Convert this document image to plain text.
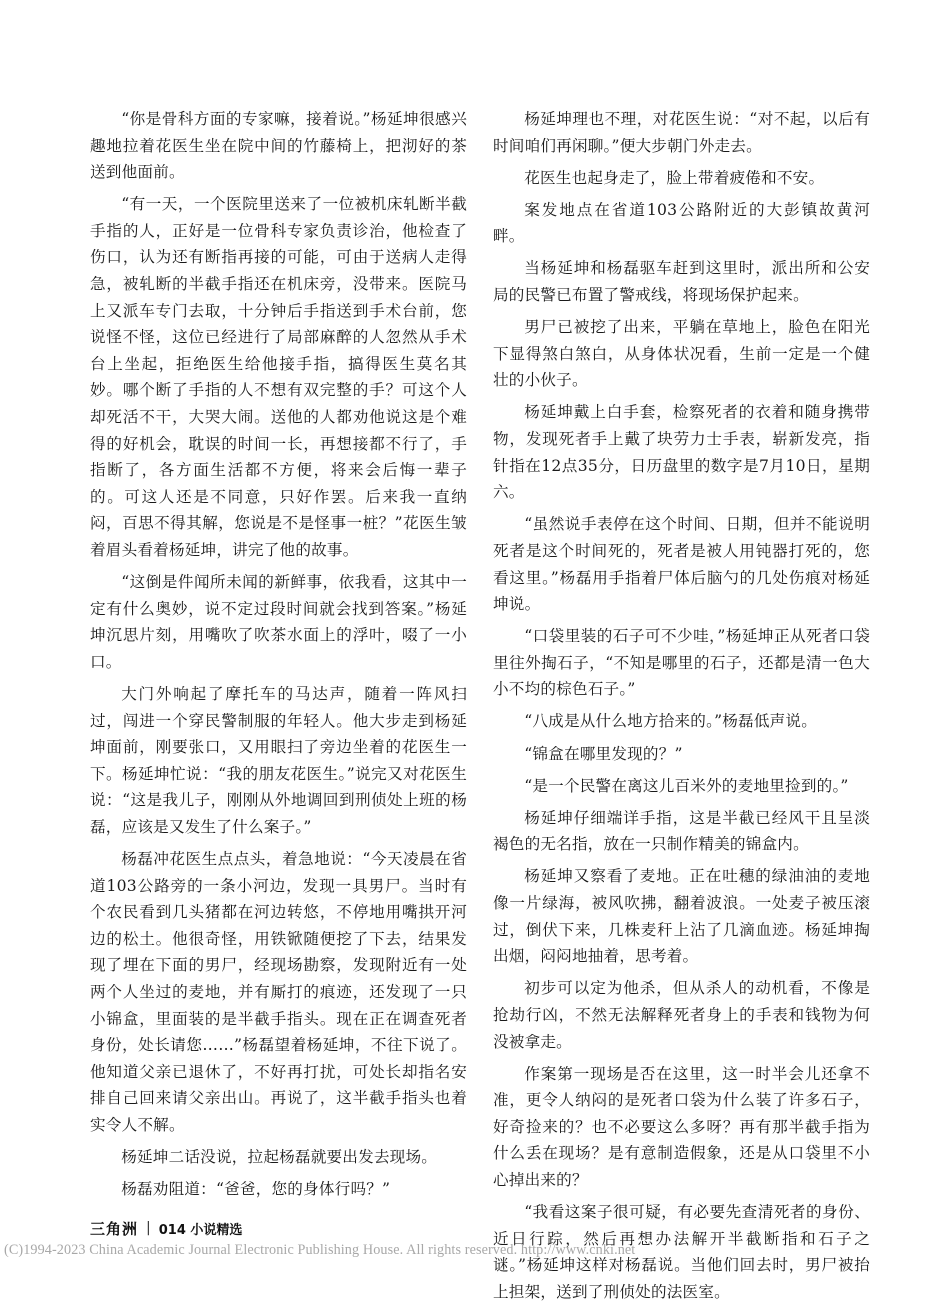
“你是骨科方面的专家嘛，接着说。”杨延坤很感兴趣地拉着花医生坐在院中间的竹藤椅上，把沏好的茶送到他面前。

“有一天，一个医院里送来了一位被机床轧断半截手指的人，正好是一位骨科专家负责诊治，他检查了伤口，认为还有断指再接的可能，可由于送病人走得急，被轧断的半截手指还在机床旁，没带来。医院马上又派车专门去取，十分钟后手指送到手术台前，您说怪不怪，这位已经进行了局部麻醉的人忽然从手术台上坐起，拒绝医生给他接手指，搞得医生莫名其妙。哪个断了手指的人不想有双完整的手？可这个人却死活不干，大哭大闹。送他的人都劝他说这是个难得的好机会，耽误的时间一长，再想接都不行了，手指断了，各方面生活都不方便，将来会后悔一辈子的。可这人还是不同意，只好作罢。后来我一直纳闷，百思不得其解，您说是不是怪事一桩？”花医生皱着眉头看着杨延坤，讲完了他的故事。

“这倒是件闻所未闻的新鲜事，依我看，这其中一定有什么奥妙，说不定过段时间就会找到答案。”杨延坤沉思片刻，用嘴吹了吹茶水面上的浮叶，啜了一小口。

大门外响起了摩托车的马达声，随着一阵风扫过，闯进一个穿民警制服的年轻人。他大步走到杨延坤面前，刚要张口，又用眼扫了旁边坐着的花医生一下。杨延坤忙说：“我的朋友花医生。”说完又对花医生说：“这是我儿子，刚刚从外地调回到刑侦处上班的杨磊，应该是又发生了什么案子。”

杨磊冲花医生点点头，着急地说：“今天凌晨在省道103公路旁的一条小河边，发现一具男尸。当时有个农民看到几头猪都在河边转悠，不停地用嘴拱开河边的松土。他很奇怪，用铁锨随便挖了下去，结果发现了埋在下面的男尸，经现场勘察，发现附近有一处两个人坐过的麦地，并有厮打的痕迹，还发现了一只小锦盒，里面装的是半截手指头。现在正在调查死者身份，处长请您……”杨磊望着杨延坤，不往下说了。他知道父亲已退休了，不好再打扰，可处长却指名安排自己回来请父亲出山。再说了，这半截手指头也着实令人不解。

杨延坤二话没说，拉起杨磊就要出发去现场。

杨磊劝阻道：“爸爸，您的身体行吗？”

杨延坤理也不理，对花医生说：“对不起，以后有时间咱们再闲聊。”便大步朝门外走去。

花医生也起身走了，脸上带着疲倦和不安。

案发地点在省道103公路附近的大彭镇故黄河畔。

当杨延坤和杨磊驱车赶到这里时，派出所和公安局的民警已布置了警戒线，将现场保护起来。

男尸已被挖了出来，平躺在草地上，脸色在阳光下显得煞白煞白，从身体状况看，生前一定是一个健壮的小伙子。

杨延坤戴上白手套，检察死者的衣着和随身携带物，发现死者手上戴了块劳力士手表，崭新发亮，指针指在12点35分，日历盘里的数字是7月10日，星期六。

“虽然说手表停在这个时间、日期，但并不能说明死者是这个时间死的，死者是被人用钝器打死的，您看这里。”杨磊用手指着尸体后脑勺的几处伤痕对杨延坤说。

“口袋里装的石子可不少哇，”杨延坤正从死者口袋里往外掏石子，“不知是哪里的石子，还都是清一色大小不均的棕色石子。”

“八成是从什么地方拾来的。”杨磊低声说。

“锦盒在哪里发现的？”

“是一个民警在离这儿百米外的麦地里捡到的。”

杨延坤仔细端详手指，这是半截已经风干且呈淡褐色的无名指，放在一只制作精美的锦盒内。

杨延坤又察看了麦地。正在吐穗的绿油油的麦地像一片绿海，被风吹拂，翻着波浪。一处麦子被压滚过，倒伏下来，几株麦秆上沾了几滴血迹。杨延坤掏出烟，闷闷地抽着，思考着。

初步可以定为他杀，但从杀人的动机看，不像是抢劫行凶，不然无法解释死者身上的手表和钱物为何没被拿走。

作案第一现场是否在这里，这一时半会儿还拿不准，更令人纳闷的是死者口袋为什么装了许多石子，好奇捡来的？也不必要这么多呀？再有那半截手指为什么丢在现场？是有意制造假象，还是从口袋里不小心掉出来的？

“我看这案子很可疑，有必要先查清死者的身份、近日行踪，然后再想办法解开半截断指和石子之谜。”杨延坤这样对杨磊说。当他们回去时，男尸被抬上担架，送到了刑侦处的法医室。

三角洲 | 014 小说精选
(C)1994-2023 China Academic Journal Electronic Publishing House. All rights reserved. http://www.cnki.net
